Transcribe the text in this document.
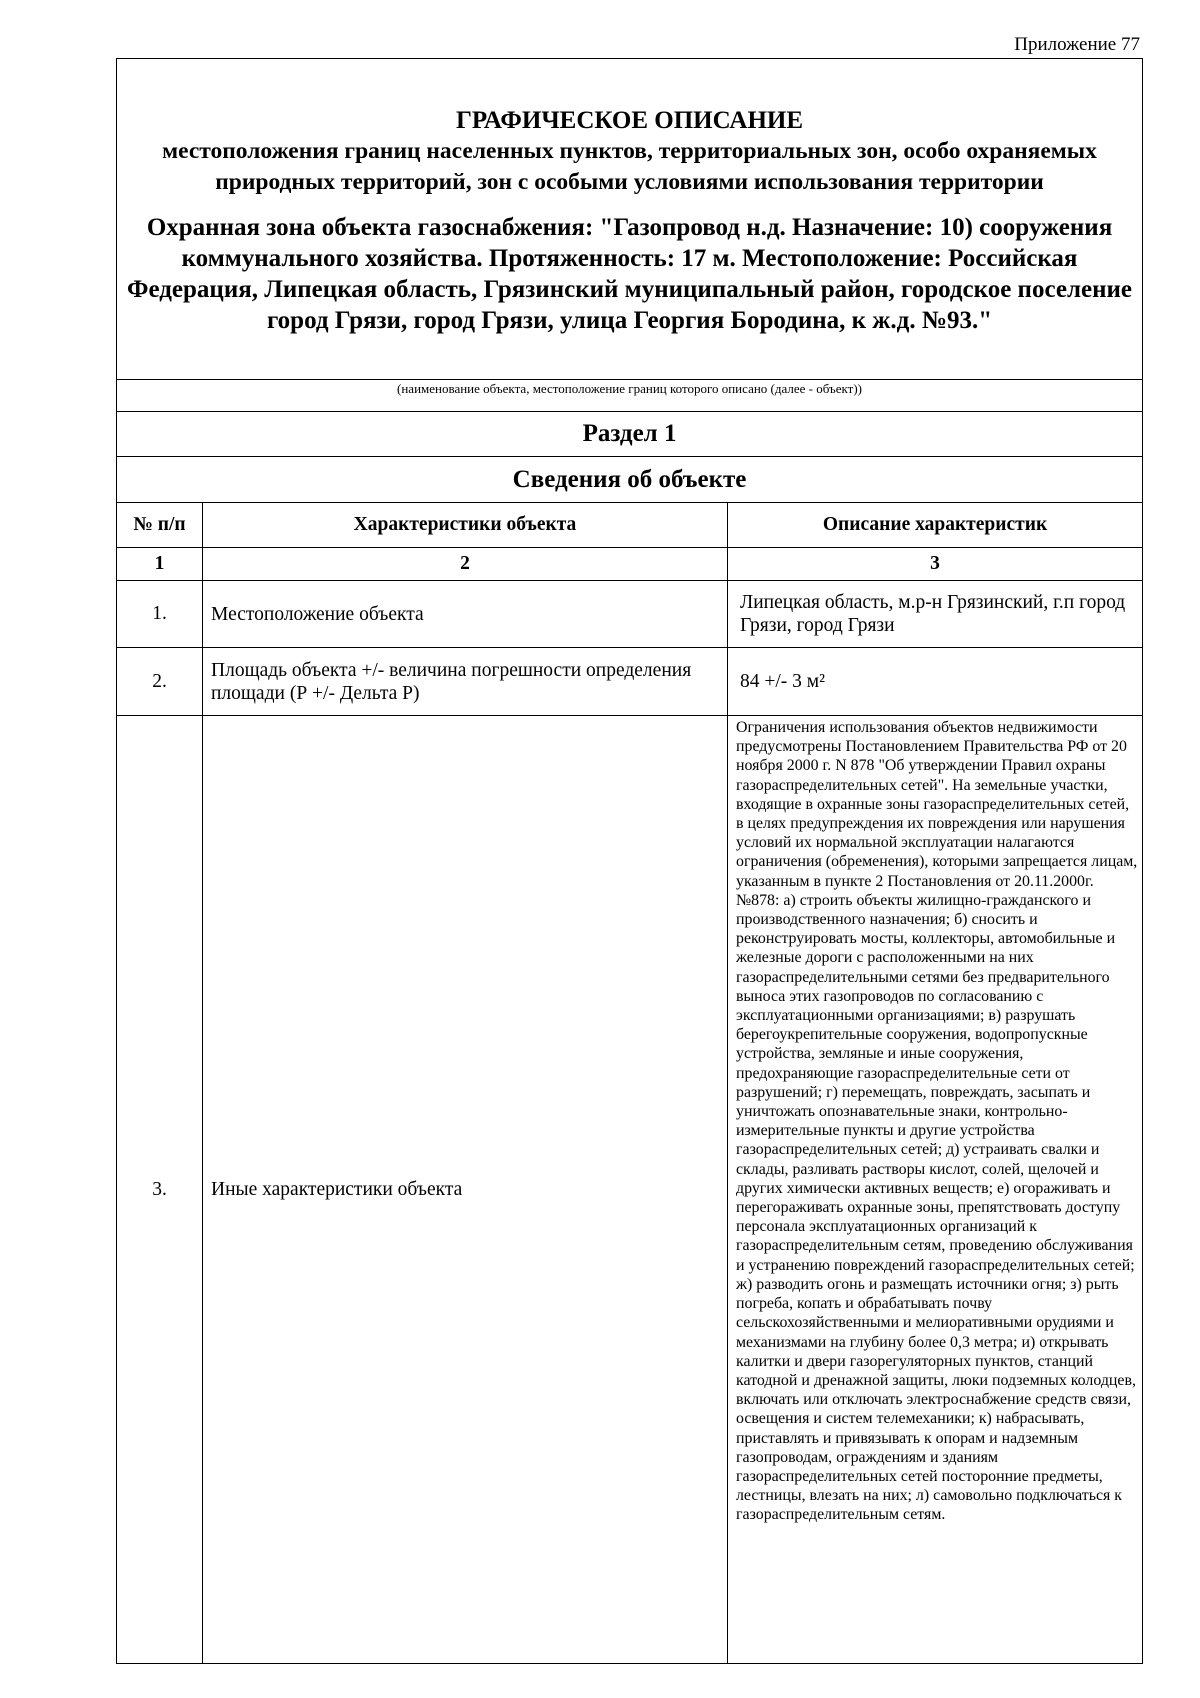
Приложение 77
ГРАФИЧЕСКОЕ ОПИСАНИЕ
местоположения границ населенных пунктов, территориальных зон, особо охраняемых природных территорий, зон с особыми условиями использования территории
Охранная зона объекта газоснабжения: "Газопровод н.д. Назначение: 10) сооружения коммунального хозяйства. Протяженность: 17 м. Местоположение: Российская Федерация, Липецкая область, Грязинский муниципальный район, городское поселение город Грязи, город Грязи, улица Георгия Бородина, к ж.д. №93."		

(наименование объекта, местоположение границ которого описано (далее - объект))		
Раздел 1		
Сведения об объекте		
№ п/п	Характеристики объекта	Описание характеристик
1	2	3
1.	Местоположение объекта	Липецкая область, м.р-н Грязинский, г.п город Грязи, город Грязи
2.	Площадь объекта +/- величина погрешности определения площади (Р +/- Дельта Р)	84 +/- 3 м²
3.	Иные характеристики объекта	Ограничения использования объектов недвижимости предусмотрены Постановлением Правительства РФ от 20 ноября 2000 г. N 878 "Об утверждении Правил охраны газораспределительных сетей". На земельные участки, входящие в охранные зоны газораспределительных сетей, в целях предупреждения их повреждения или нарушения условий их нормальной эксплуатации налагаются ограничения (обременения), которыми запрещается лицам, указанным в пункте 2 Постановления от 20.11.2000г. №878: а) строить объекты жилищно-гражданского и производственного назначения; б) сносить и реконструировать мосты, коллекторы, автомобильные и железные дороги с расположенными на них газораспределительными сетями без предварительного выноса этих газопроводов по согласованию с эксплуатационными организациями; в) разрушать берегоукрепительные сооружения, водопропускные устройства, земляные и иные сооружения, предохраняющие газораспределительные сети от разрушений; г) перемещать, повреждать, засыпать и уничтожать опознавательные знаки, контрольно-измерительные пункты и другие устройства газораспределительных сетей; д) устраивать свалки и склады, разливать растворы кислот, солей, щелочей и других химически активных веществ; е) огораживать и перегораживать охранные зоны, препятствовать доступу персонала эксплуатационных организаций к газораспределительным сетям, проведению обслуживания и устранению повреждений газораспределительных сетей; ж) разводить огонь и размещать источники огня; з) рыть погреба, копать и обрабатывать почву сельскохозяйственными и мелиоративными орудиями и механизмами на глубину более 0,3 метра; и) открывать калитки и двери газорегуляторных пунктов, станций катодной и дренажной защиты, люки подземных колодцев, включать или отключать электроснабжение средств связи, освещения и систем телемеханики; к) набрасывать, приставлять и привязывать к опорам и надземным газопроводам, ограждениям и зданиям газораспределительных сетей посторонние предметы, лестницы, влезать на них; л) самовольно подключаться к газораспределительным сетям.
